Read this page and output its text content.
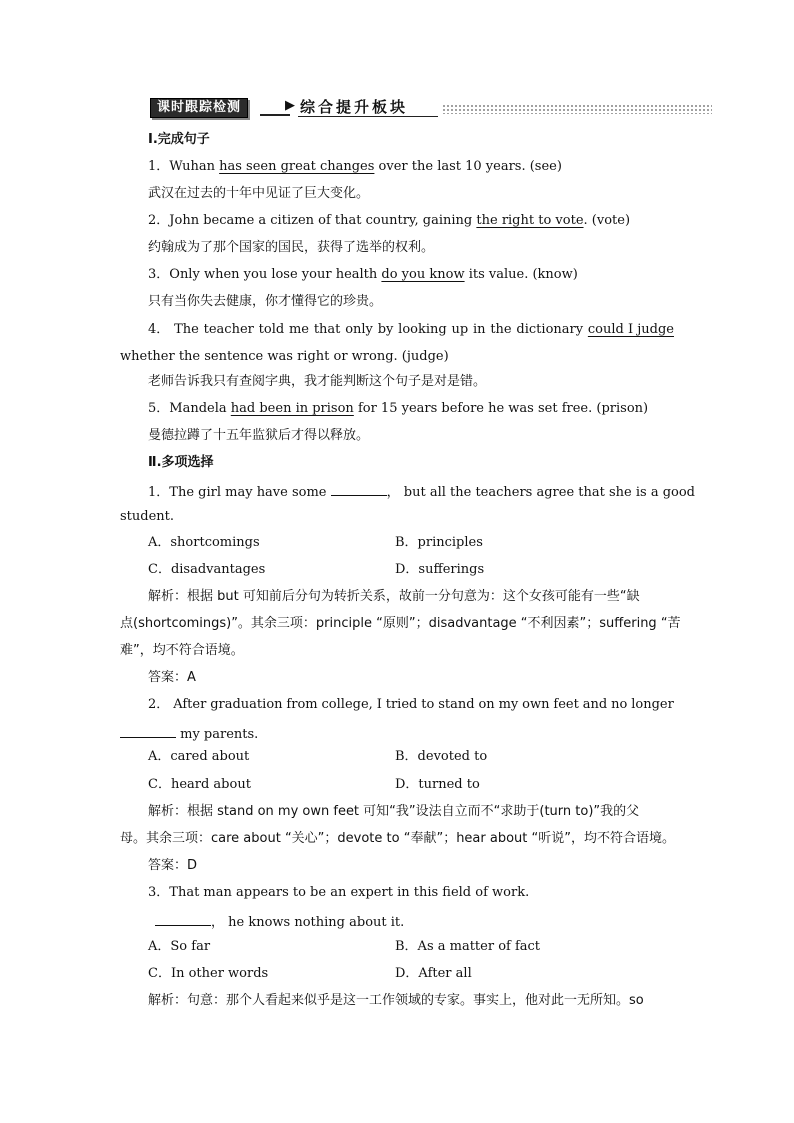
课时跟踪检测	▶ 综合提升板块
Ⅰ.完成句子
1．Wuhan has seen great changes over the last 10 years. (see)
武汉在过去的十年中见证了巨大变化。
2．John became a citizen of that country, gaining the right to vote. (vote)
约翰成为了那个国家的国民，获得了选举的权利。
3．Only when you lose your health do you know its value. (know)
只有当你失去健康，你才懂得它的珍贵。
4． The teacher told me that only by looking up in the dictionary could I judge
whether the sentence was right or wrong. (judge)
老师告诉我只有查阅字典，我才能判断这个句子是对是错。
5．Mandela had been in prison for 15 years before he was set free. (prison)
曼德拉蹲了十五年监狱后才得以释放。
Ⅱ.多项选择
1．The girl may have some	， but all the teachers agree that she is a good
student.
A．shortcomings	B．principles
C．disadvantages	D．sufferings
解析：根据 but 可知前后分句为转折关系，故前一分句意为：这个女孩可能有一些“缺
点(shortcomings)”。其余三项：principle “原则”；disadvantage “不利因素”；suffering “苦
难”，均不符合语境。
答案：A
2． After graduation from college, I tried to stand on my own feet and no longer
my parents.
A．cared about	B．devoted to
C．heard about	D．turned to
解析：根据 stand on my own feet 可知“我”设法自立而不“求助于(turn to)”我的父
母。其余三项：care about “关心”；devote to “奉献”；hear about “听说”，均不符合语境。
答案：D
3．That man appears to be an expert in this field of work.
， he knows nothing about it.
A．So far	B．As a matter of fact
C．In other words	D．After all
解析：句意：那个人看起来似乎是这一工作领域的专家。事实上，他对此一无所知。so
